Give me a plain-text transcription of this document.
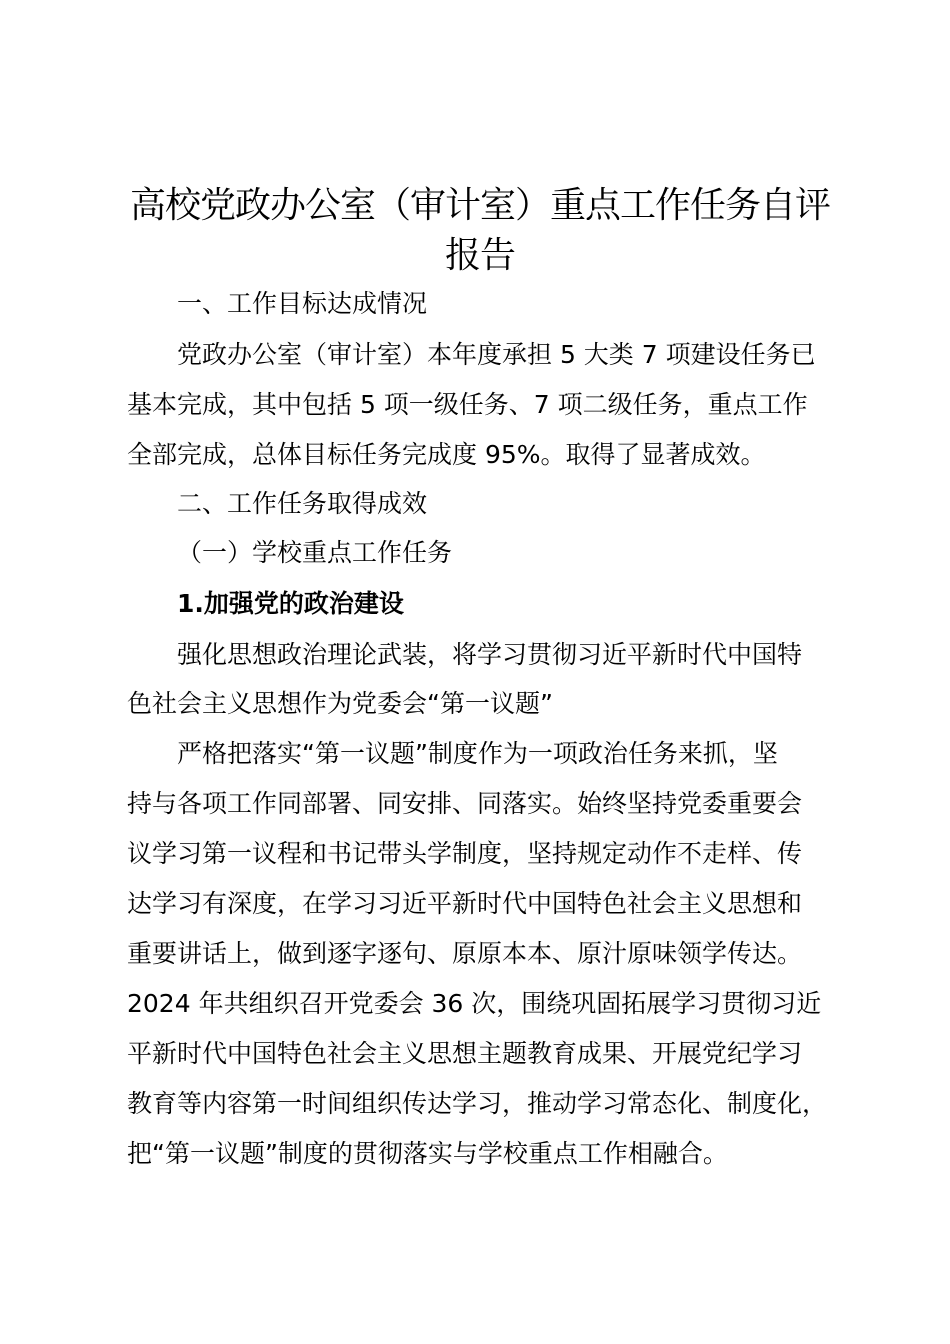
高校党政办公室（审计室）重点工作任务自评
报告

一、工作目标达成情况

党政办公室（审计室）本年度承担 5 大类 7 项建设任务已

基本完成，其中包括 5 项一级任务、7 项二级任务，重点工作

全部完成，总体目标任务完成度 95%。取得了显著成效。

二、工作任务取得成效

（一）学校重点工作任务

1.加强党的政治建设

强化思想政治理论武装，将学习贯彻习近平新时代中国特

色社会主义思想作为党委会“第一议题”

严格把落实“第一议题”制度作为一项政治任务来抓，坚

持与各项工作同部署、同安排、同落实。始终坚持党委重要会

议学习第一议程和书记带头学制度，坚持规定动作不走样、传

达学习有深度，在学习习近平新时代中国特色社会主义思想和

重要讲话上，做到逐字逐句、原原本本、原汁原味领学传达。

2024 年共组织召开党委会 36 次，围绕巩固拓展学习贯彻习近

平新时代中国特色社会主义思想主题教育成果、开展党纪学习

教育等内容第一时间组织传达学习，推动学习常态化、制度化，

把“第一议题”制度的贯彻落实与学校重点工作相融合。
